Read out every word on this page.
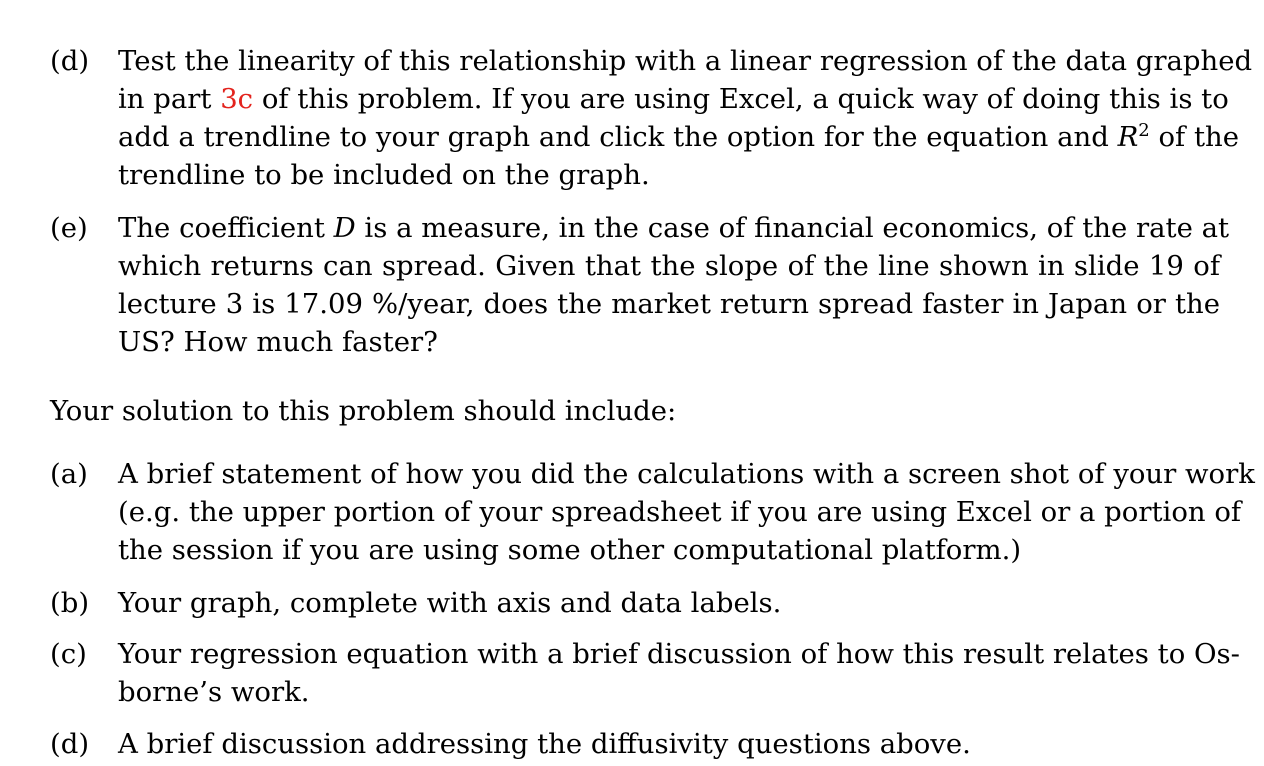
(d)	Test the linearity of this relationship with a linear regression of the data graphed
in part 3c of this problem. If you are using Excel, a quick way of doing this is to
add a trendline to your graph and click the option for the equation and $R^2$ of the
trendline to be included on the graph.
(e)	The coefficient D is a measure, in the case of financial economics, of the rate at
which returns can spread. Given that the slope of the line shown in slide 19 of
lecture 3 is 17.09 %/year, does the market return spread faster in Japan or the
US? How much faster?
Your solution to this problem should include:
(a)	A brief statement of how you did the calculations with a screen shot of your work
(e.g. the upper portion of your spreadsheet if you are using Excel or a portion of
the session if you are using some other computational platform.)
(b)	Your graph, complete with axis and data labels.
(c)	Your regression equation with a brief discussion of how this result relates to Os-
borne’s work.
(d)	A brief discussion addressing the diffusivity questions above.
